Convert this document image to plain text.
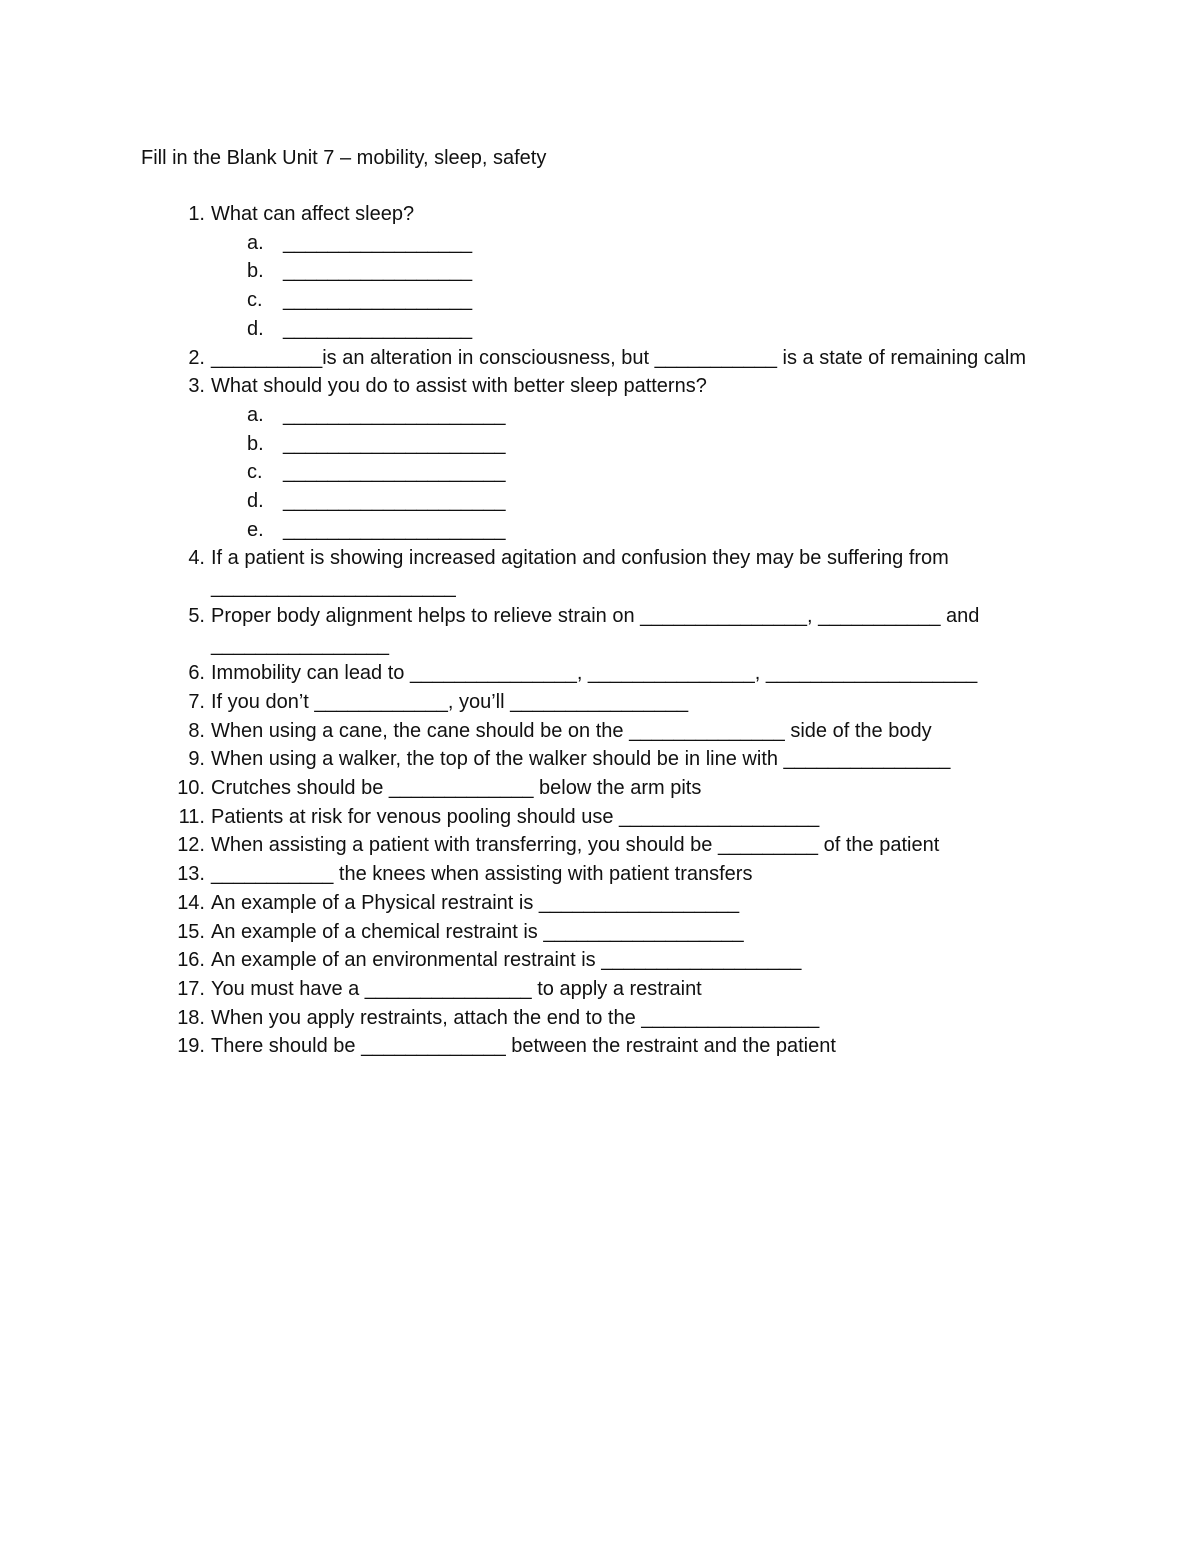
Fill in the Blank Unit 7 – mobility, sleep, safety
1. What can affect sleep?
a. _________________
b. _________________
c.	_________________
d. _________________
2. __________is an alteration in consciousness, but ___________ is a state of remaining calm
3. What should you do to assist with better sleep patterns?
a. ____________________
b. ____________________
c.	____________________
d. ____________________
e. ____________________
4. If a patient is showing increased agitation and confusion they may be suffering from ______________________
5. Proper body alignment helps to relieve strain on _______________, ___________ and ________________
6. Immobility can lead to _______________, _______________, ___________________
7. If you don’t ____________, you’ll ________________
8. When using a cane, the cane should be on the ______________ side of the body
9. When using a walker, the top of the walker should be in line with _______________
10. Crutches should be _____________ below the arm pits
11. Patients at risk for venous pooling should use __________________
12. When assisting a patient with transferring, you should be _________ of the patient
13. ___________ the knees when assisting with patient transfers
14. An example of a Physical restraint is __________________
15. An example of a chemical restraint is __________________
16. An example of an environmental restraint is __________________
17. You must have a _______________ to apply a restraint
18. When you apply restraints, attach the end to the ________________
19. There should be _____________ between the restraint and the patient
